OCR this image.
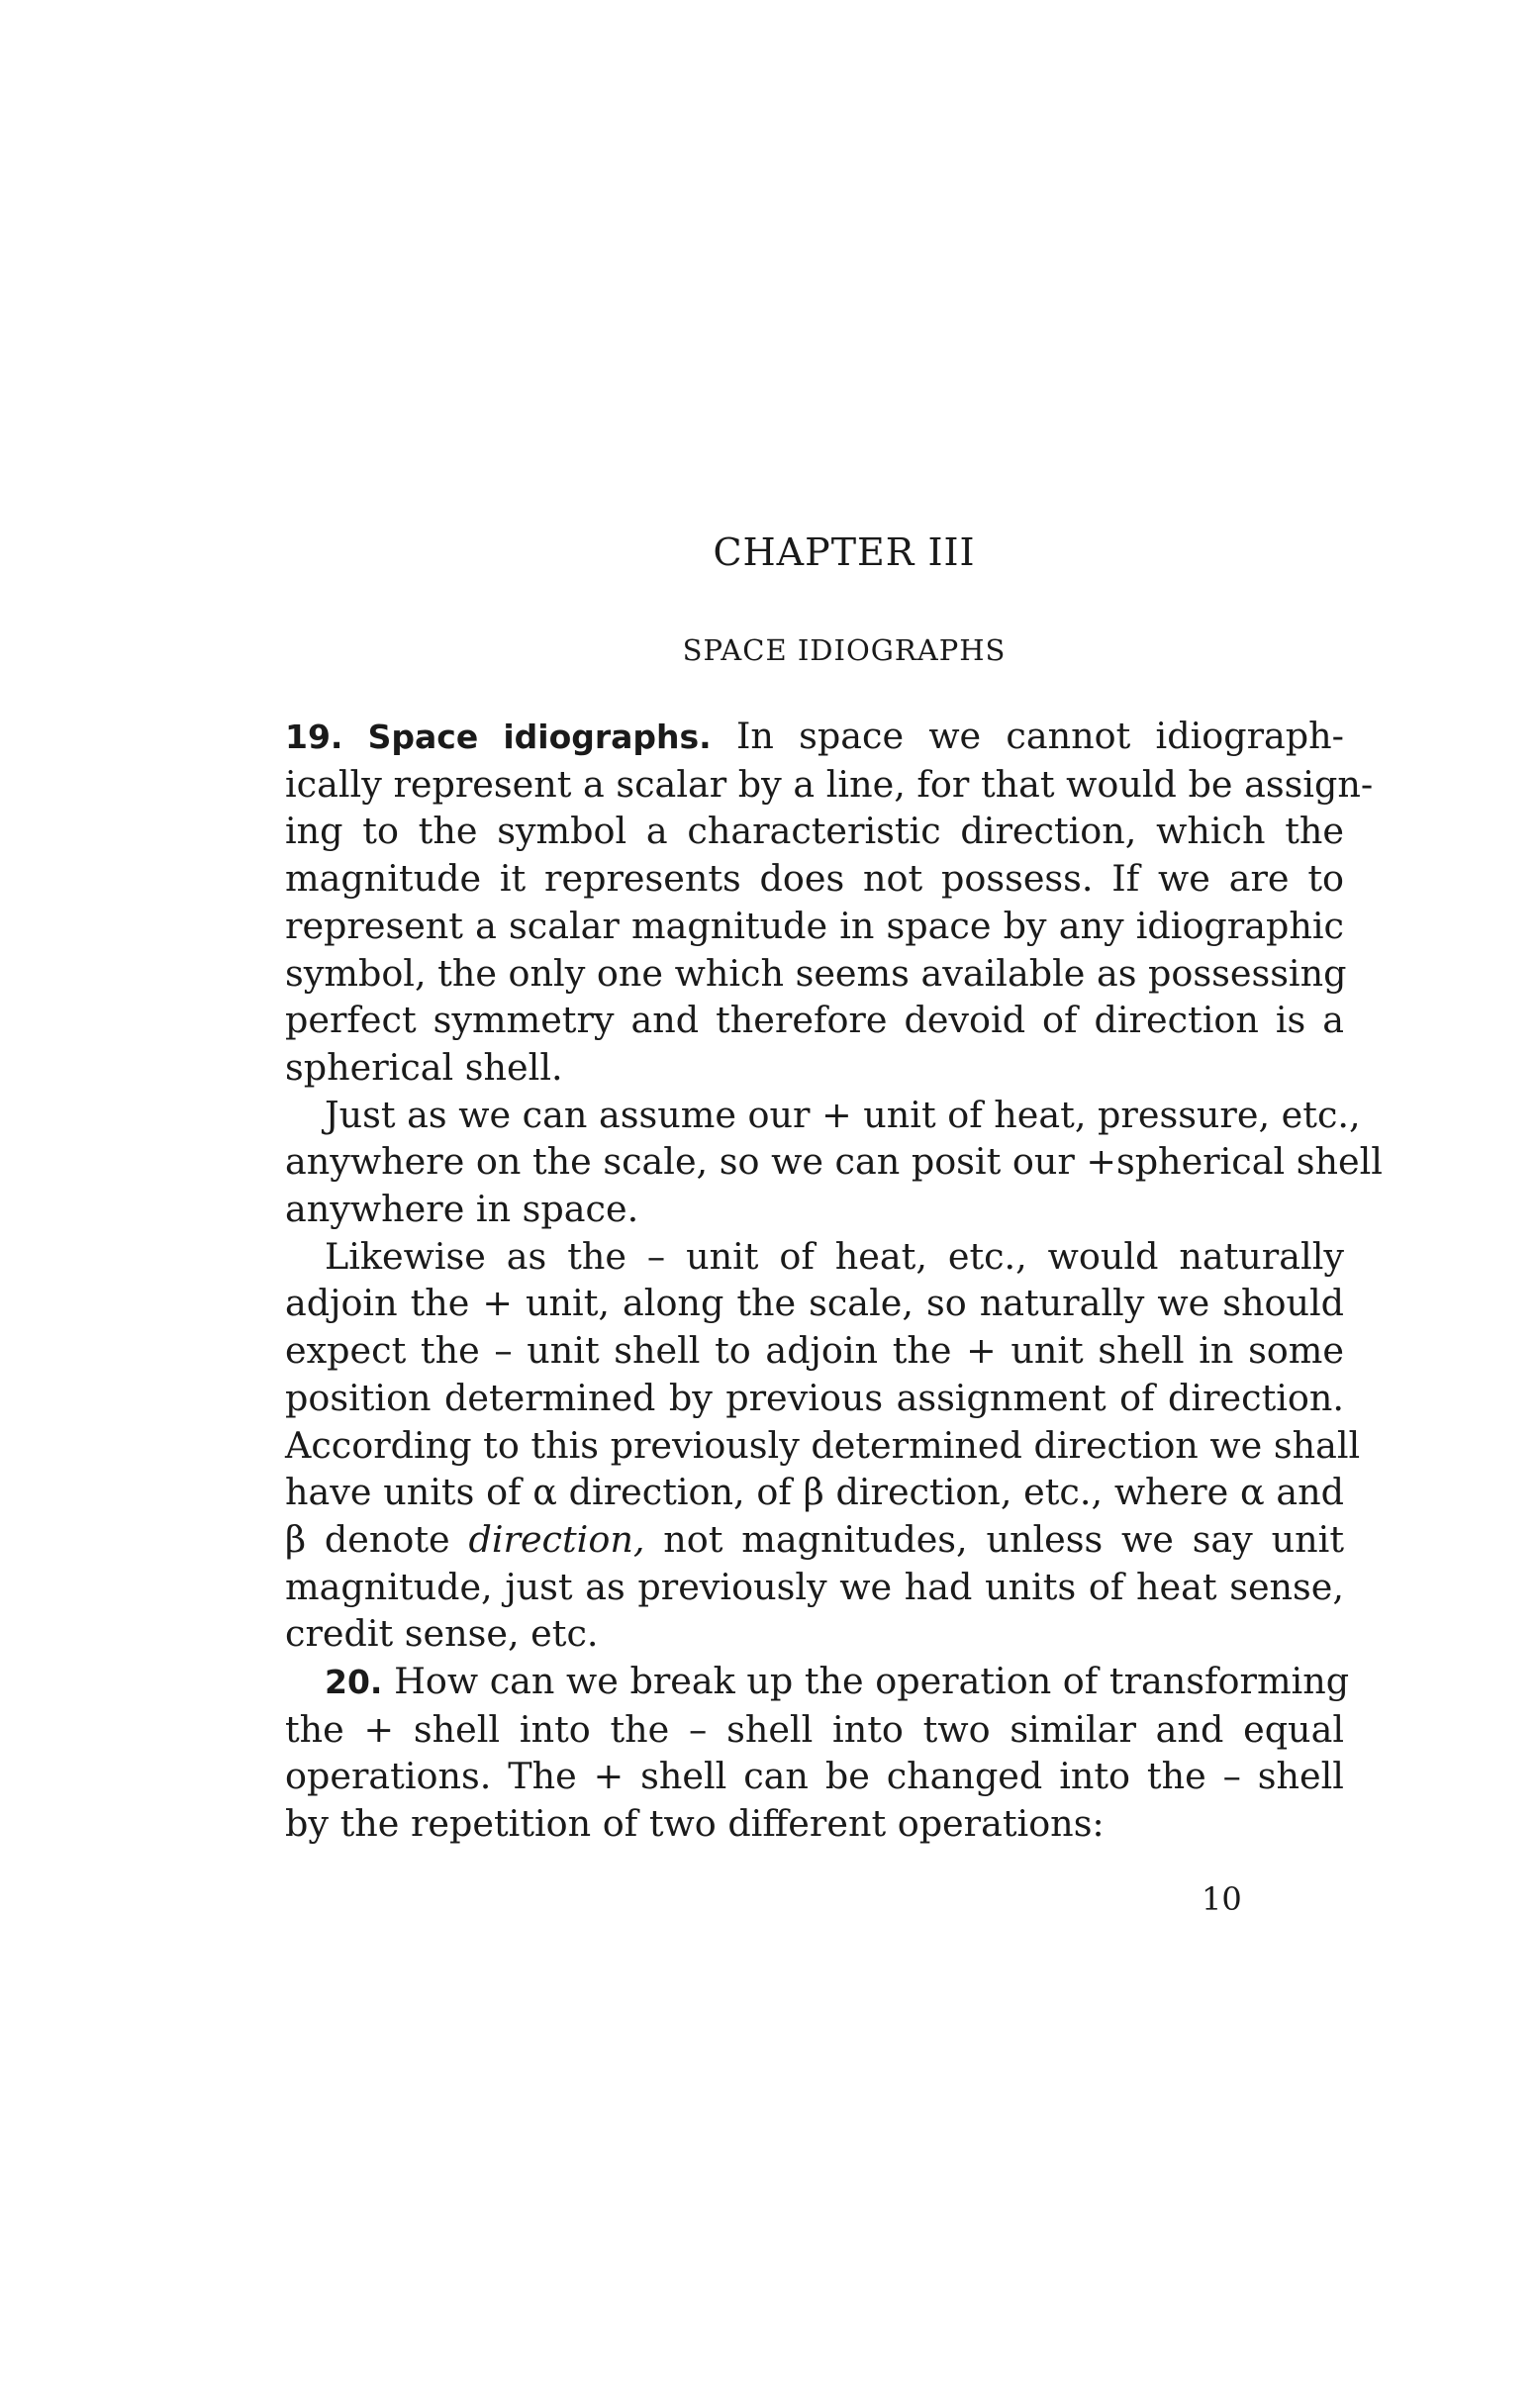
CHAPTER III
SPACE IDIOGRAPHS
19. Space idiographs. In space we cannot idiograph-
ically represent a scalar by a line, for that would be assign-
ing to the symbol a characteristic direction, which the
magnitude it represents does not possess. If we are to
represent a scalar magnitude in space by any idiographic
symbol, the only one which seems available as possessing
perfect symmetry and therefore devoid of direction is a
spherical shell.
Just as we can assume our + unit of heat, pressure, etc.,
anywhere on the scale, so we can posit our +spherical shell
anywhere in space.
Likewise as the – unit of heat, etc., would naturally
adjoin the + unit, along the scale, so naturally we should
expect the – unit shell to adjoin the + unit shell in some
position determined by previous assignment of direction.
According to this previously determined direction we shall
have units of α direction, of β direction, etc., where α and
β denote direction, not magnitudes, unless we say unit
magnitude, just as previously we had units of heat sense,
credit sense, etc.
20. How can we break up the operation of transforming
the + shell into the – shell into two similar and equal
operations. The + shell can be changed into the – shell
by the repetition of two different operations:
10
